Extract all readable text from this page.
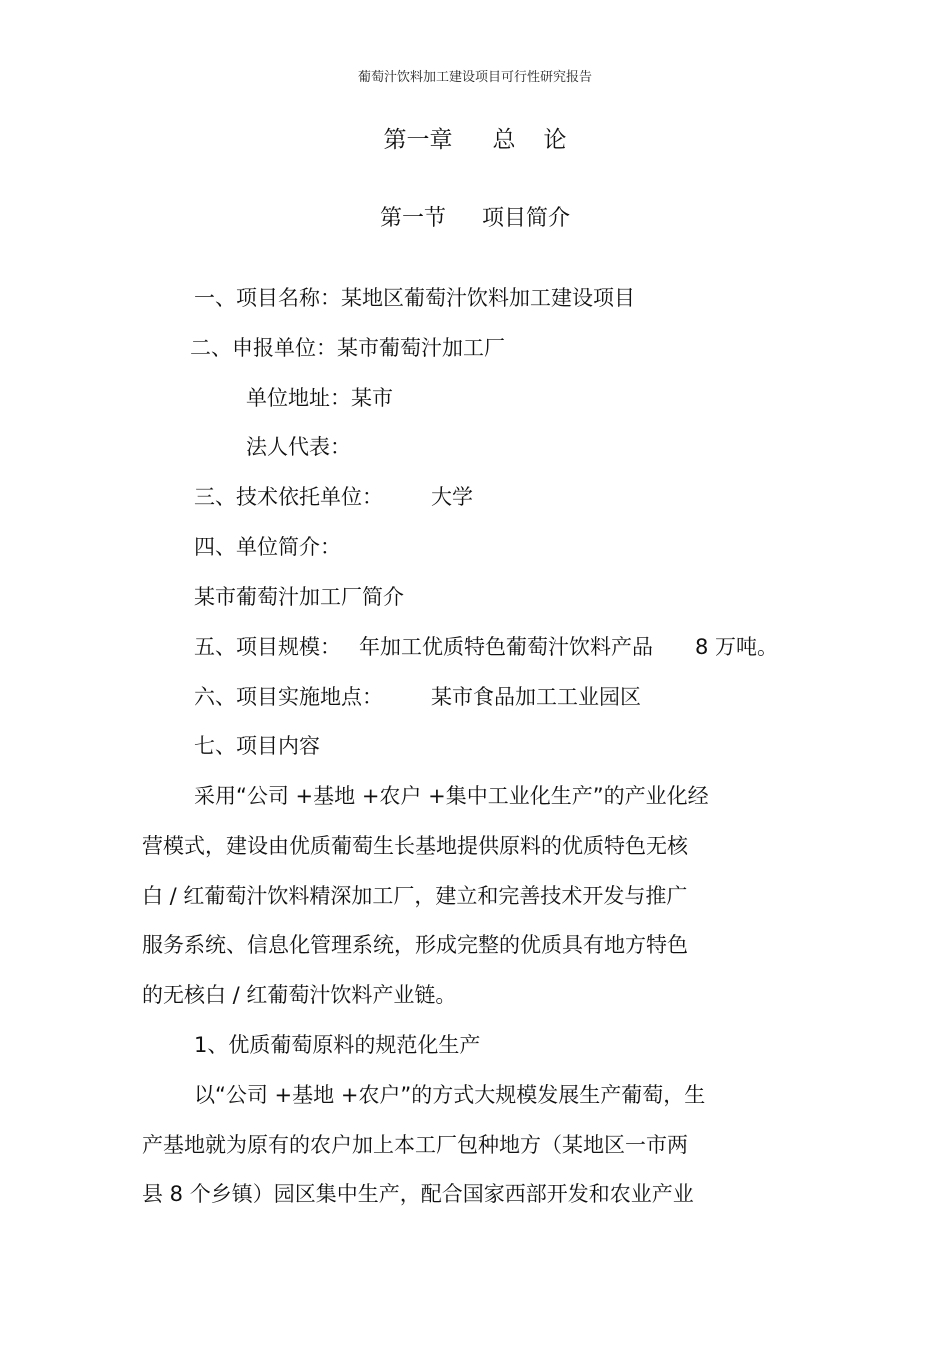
葡萄汁饮料加工建设项目可行性研究报告
第一章 总 论
第一节 项目简介
一、项目名称：某地区葡萄汁饮料加工建设项目
二、申报单位：某市葡萄汁加工厂
单位地址：某市
法人代表：
三、技术依托单位： 大学
四、单位简介：
某市葡萄汁加工厂简介
五、项目规模： 年加工优质特色葡萄汁饮料产品 8 万吨。
六、项目实施地点： 某市食品加工工业园区
七、项目内容
采用“公司 +基地 +农户 +集中工业化生产”的产业化经
营模式，建设由优质葡萄生长基地提供原料的优质特色无核
白 / 红葡萄汁饮料精深加工厂，建立和完善技术开发与推广
服务系统、信息化管理系统，形成完整的优质具有地方特色
的无核白 / 红葡萄汁饮料产业链。
1、优质葡萄原料的规范化生产
以“公司 +基地 +农户”的方式大规模发展生产葡萄，生
产基地就为原有的农户加上本工厂包种地方（某地区一市两
县 8 个乡镇）园区集中生产，配合国家西部开发和农业产业
